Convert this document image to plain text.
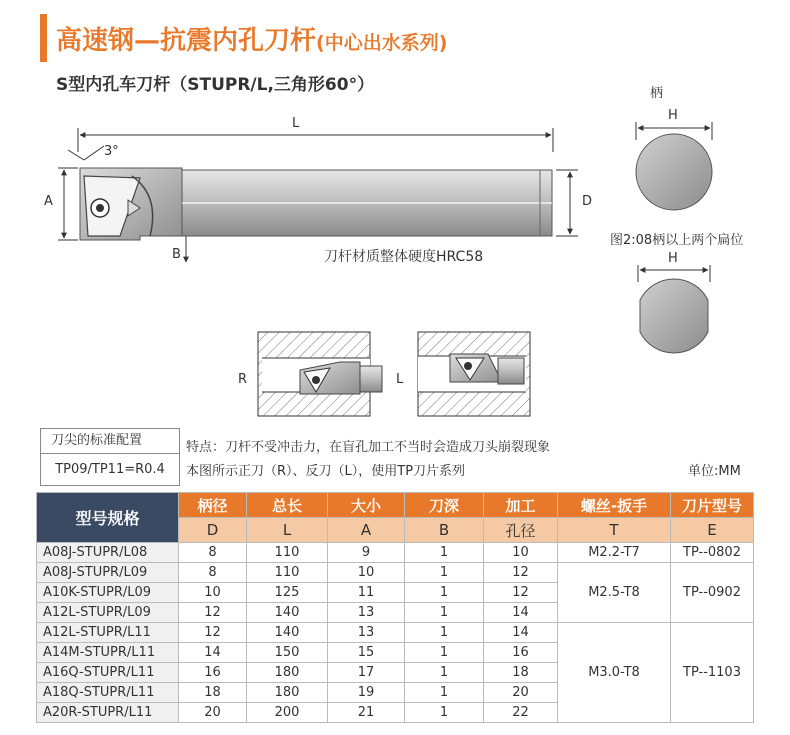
高速钢—抗震内孔刀杆(中心出水系列)
S型内孔车刀杆（STUPR/L,三角形60°）
L
3°
A
B
D
刀杆材质整体硬度HRC58
柄
H
图2:08柄以上两个扁位
H
R	L
刀尖的标准配置
TP09/TP11=R0.4
特点：刀杆不受冲击力，在盲孔加工不当时会造成刀头崩裂现象
本图所示正刀（R）、反刀（L），使用TP刀片系列	单位:MM
型号规格	柄径	总长	大小	刀深	加工	螺丝-扳手	刀片型号
	D	L	A	B	孔径	T	E
A08J-STUPR/L08	8	110	9	1	10	M2.2-T7	TP--0802
A08J-STUPR/L09	8	110	10	1	12	M2.5-T8	TP--0902
A10K-STUPR/L09	10	125	11	1	12		
A12L-STUPR/L09	12	140	13	1	14		
A12L-STUPR/L11	12	140	13	1	14	M3.0-T8	TP--1103
A14M-STUPR/L11	14	150	15	1	16		
A16Q-STUPR/L11	16	180	17	1	18		
A18Q-STUPR/L11	18	180	19	1	20		
A20R-STUPR/L11	20	200	21	1	22		
